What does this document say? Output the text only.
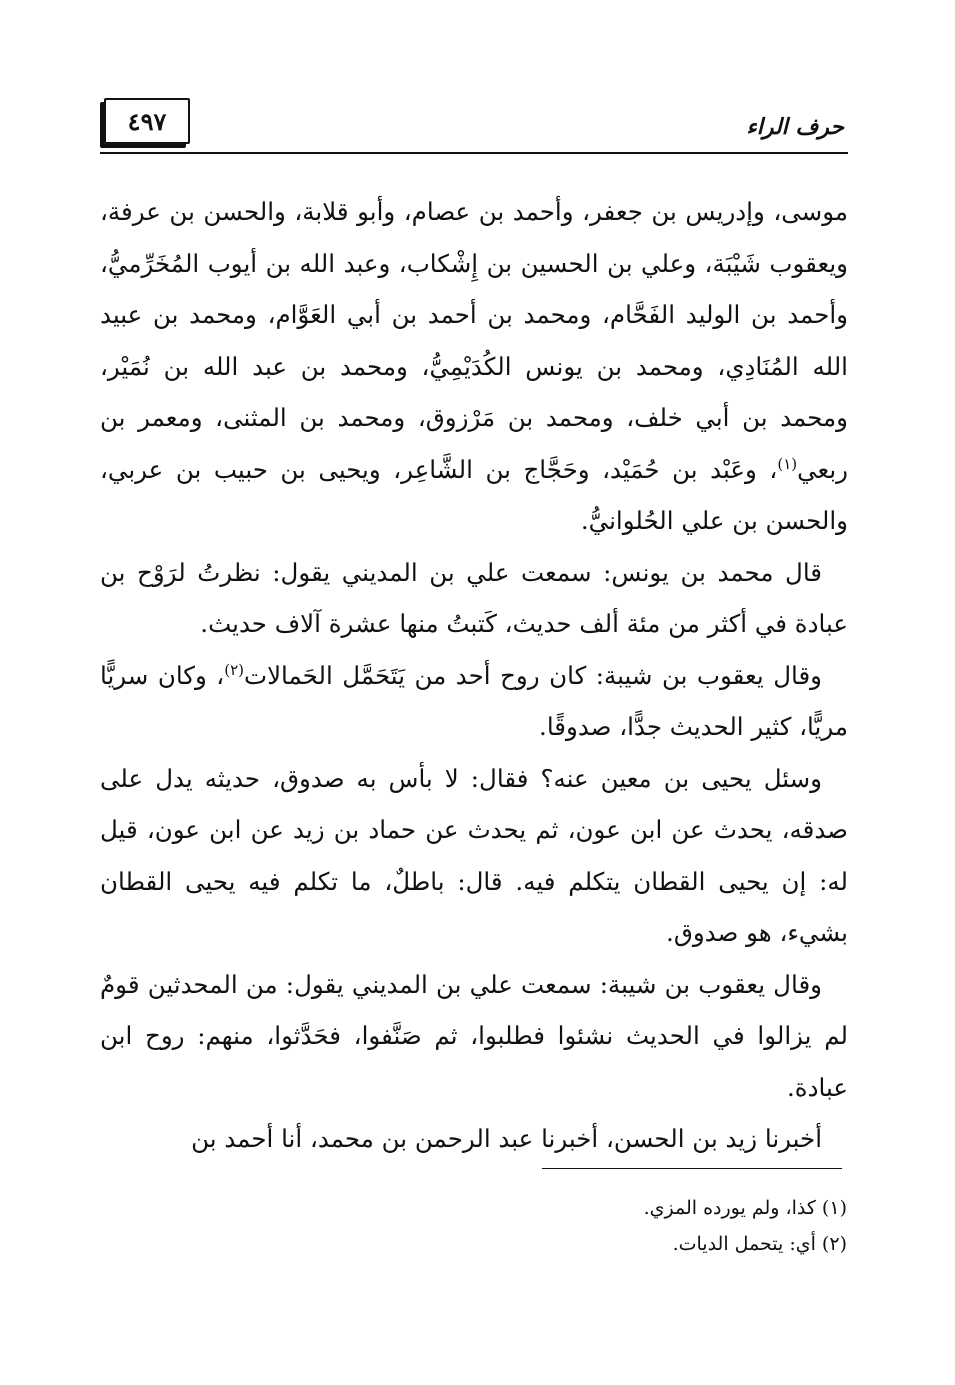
٤٩٧	حرف الراء

موسى، وإدريس بن جعفر، وأحمد بن عصام، وأبو قلابة، والحسن بن عرفة، ويعقوب شَيْبَة، وعلي بن الحسين بن إِشْكاب، وعبد الله بن أيوب المُخَرِّميُّ، وأحمد بن الوليد الفَحَّام، ومحمد بن أحمد بن أبي العَوَّام، ومحمد بن عبيد الله المُنَادِي، ومحمد بن يونس الكُدَيْمِيُّ، ومحمد بن عبد الله بن نُمَيْر، ومحمد بن أبي خلف، ومحمد بن مَرْزوق، ومحمد بن المثنى، ومعمر بن ربعي$^{(١)}$، وعَبْد بن حُمَيْد، وحَجَّاج بن الشَّاعِر، ويحيى بن حبيب بن عربي، والحسن بن علي الحُلوانيُّ.

قال محمد بن يونس: سمعت علي بن المديني يقول: نظرتُ لرَوْح بن عبادة في أكثر من مئة ألف حديث، كَتبتُ منها عشرة آلاف حديث.

وقال يعقوب بن شيبة: كان روح أحد من يَتَحَمَّل الحَمالات$^{(٢)}$، وكان سريًّا مريًّا، كثير الحديث جدًّا، صدوقًا.

وسئل يحيى بن معين عنه؟ فقال: لا بأس به صدوق، حديثه يدل على صدقه، يحدث عن ابن عون، ثم يحدث عن حماد بن زيد عن ابن عون، قيل له: إن يحيى القطان يتكلم فيه. قال: باطلٌ، ما تكلم فيه يحيى القطان بشيء، هو صدوق.

وقال يعقوب بن شيبة: سمعت علي بن المديني يقول: من المحدثين قومٌ لم يزالوا في الحديث نشئوا فطلبوا، ثم صَنَّفوا، فحَدَّثوا، منهم: روح ابن عبادة.

أخبرنا زيد بن الحسن، أخبرنا عبد الرحمن بن محمد، أنا أحمد بن

(١) كذا، ولم يورده المزي.

(٢) أي: يتحمل الديات.
